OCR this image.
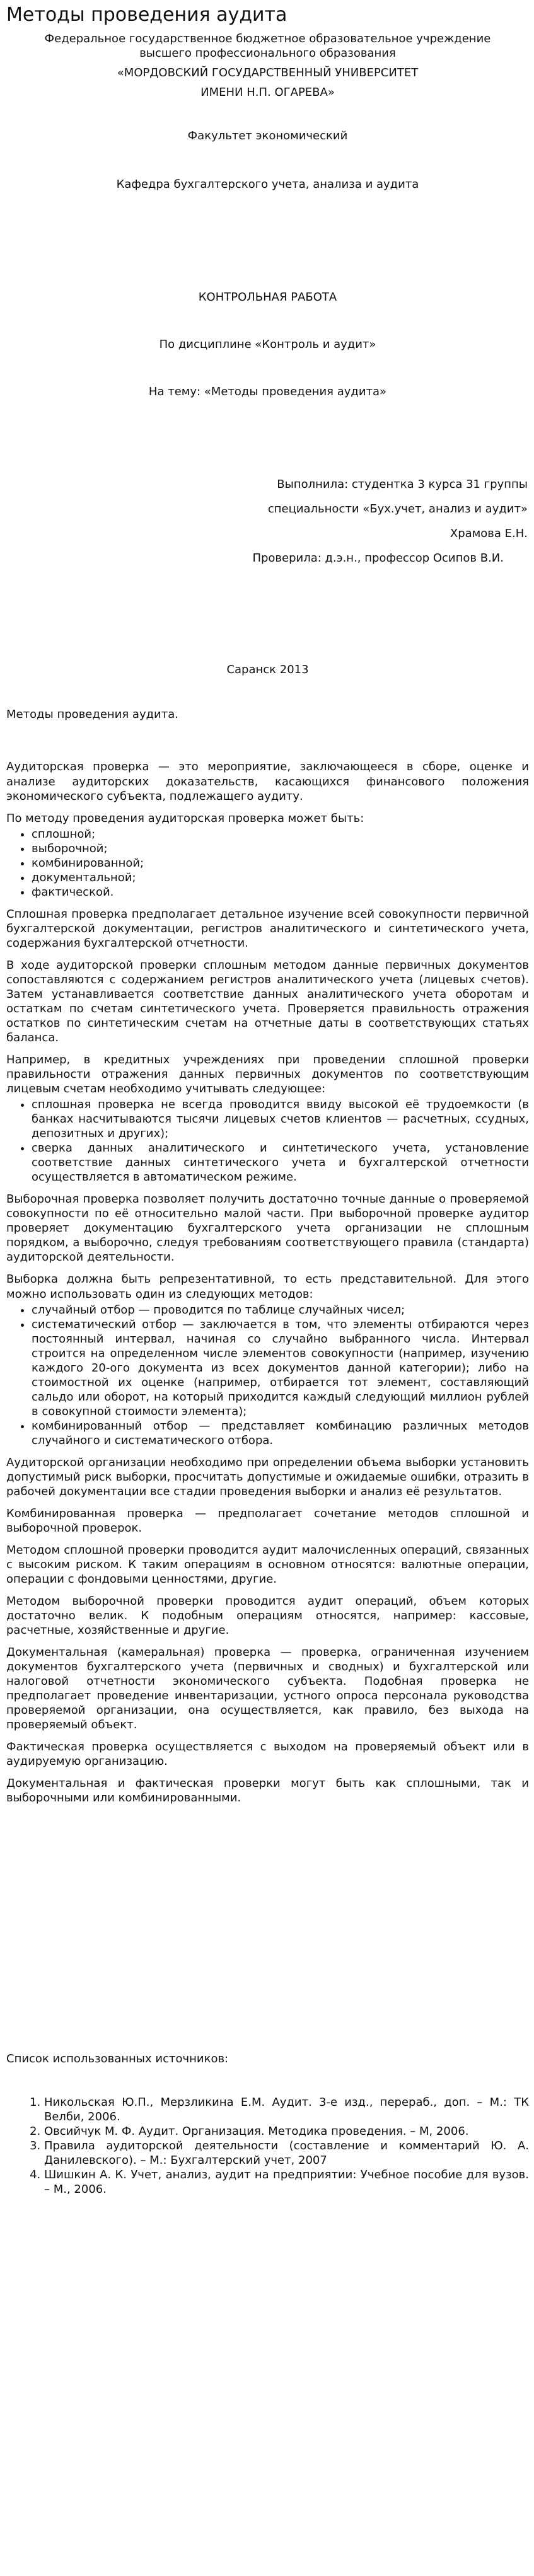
Методы проведения аудита

Федеральное государственное бюджетное образовательное учреждение

высшего профессионального образования

«МОРДОВСКИЙ ГОСУДАРСТВЕННЫЙ УНИВЕРСИТЕТ

ИМЕНИ Н.П. ОГАРЕВА»

Факультет экономический

Кафедра бухгалтерского учета, анализа и аудита

КОНТРОЛЬНАЯ РАБОТА

По дисциплине «Контроль и аудит»

На тему: «Методы проведения аудита»

Выполнила: студентка 3 курса 31 группы

специальности «Бух.учет, анализ и аудит»

Храмова Е.Н.

Проверила: д.э.н., профессор Осипов В.И.

Саранск 2013

Методы проведения аудита.

Аудиторская проверка — это мероприятие, заключающееся в сборе, оценке и анализе аудиторских доказательств, касающихся финансового положения экономического субъекта, подлежащего аудиту.

По методу проведения аудиторская проверка может быть:

• сплошной;
• выборочной;
• комбинированной;
• документальной;
• фактической.

Сплошная проверка предполагает детальное изучение всей совокупности первичной бухгалтерской документации, регистров аналитического и синтетического учета, содержания бухгалтерской отчетности.

В ходе аудиторской проверки сплошным методом данные первичных документов сопоставляются с содержанием регистров аналитического учета (лицевых счетов). Затем устанавливается соответствие данных аналитического учета оборотам и остаткам по счетам синтетического учета. Проверяется правильность отражения остатков по синтетическим счетам на отчетные даты в соответствующих статьях баланса.

Например, в кредитных учреждениях при проведении сплошной проверки правильности отражения данных первичных документов по соответствующим лицевым счетам необходимо учитывать следующее:

• сплошная проверка не всегда проводится ввиду высокой её трудоемкости (в банках насчитываются тысячи лицевых счетов клиентов — расчетных, ссудных, депозитных и других);
• сверка данных аналитического и синтетического учета, установление соответствие данных синтетического учета и бухгалтерской отчетности осуществляется в автоматическом режиме.

Выборочная проверка позволяет получить достаточно точные данные о проверяемой совокупности по её относительно малой части. При выборочной проверке аудитор проверяет документацию бухгалтерского учета организации не сплошным порядком, а выборочно, следуя требованиям соответствующего правила (стандарта) аудиторской деятельности.

Выборка должна быть репрезентативной, то есть представительной. Для этого можно использовать один из следующих методов:

• случайный отбор — проводится по таблице случайных чисел;
• систематический отбор — заключается в том, что элементы отбираются через постоянный интервал, начиная со случайно выбранного числа. Интервал строится на определенном числе элементов совокупности (например, изучению каждого 20-ого документа из всех документов данной категории); либо на стоимостной их оценке (например, отбирается тот элемент, составляющий сальдо или оборот, на который приходится каждый следующий миллион рублей в совокупной стоимости элемента);
• комбинированный отбор — представляет комбинацию различных методов случайного и систематического отбора.

Аудиторской организации необходимо при определении объема выборки установить допустимый риск выборки, просчитать допустимые и ожидаемые ошибки, отразить в рабочей документации все стадии проведения выборки и анализ её результатов.

Комбинированная проверка — предполагает сочетание методов сплошной и выборочной проверок.

Методом сплошной проверки проводится аудит малочисленных операций, связанных с высоким риском. К таким операциям в основном относятся: валютные операции, операции с фондовыми ценностями, другие.

Методом выборочной проверки проводится аудит операций, объем которых достаточно велик. К подобным операциям относятся, например: кассовые, расчетные, хозяйственные и другие.

Документальная (камеральная) проверка — проверка, ограниченная изучением документов бухгалтерского учета (первичных и сводных) и бухгалтерской или налоговой отчетности экономического субъекта. Подобная проверка не предполагает проведение инвентаризации, устного опроса персонала руководства проверяемой организации, она осуществляется, как правило, без выхода на проверяемый объект.

Фактическая проверка осуществляется с выходом на проверяемый объект или в аудируемую организацию.

Документальная и фактическая проверки могут быть как сплошными, так и выборочными или комбинированными.

Список использованных источников:

1. Никольская Ю.П., Мерзликина Е.М. Аудит. 3-е изд., перераб., доп. – М.: ТК Велби, 2006.
2. Овсийчук М. Ф. Аудит. Организация. Методика проведения. – М, 2006.
3. Правила аудиторской деятельности (составление и комментарий Ю. А. Данилевского). – М.: Бухгалтерский учет, 2007
4. Шишкин А. К. Учет, анализ, аудит на предприятии: Учебное пособие для вузов. – М., 2006.
